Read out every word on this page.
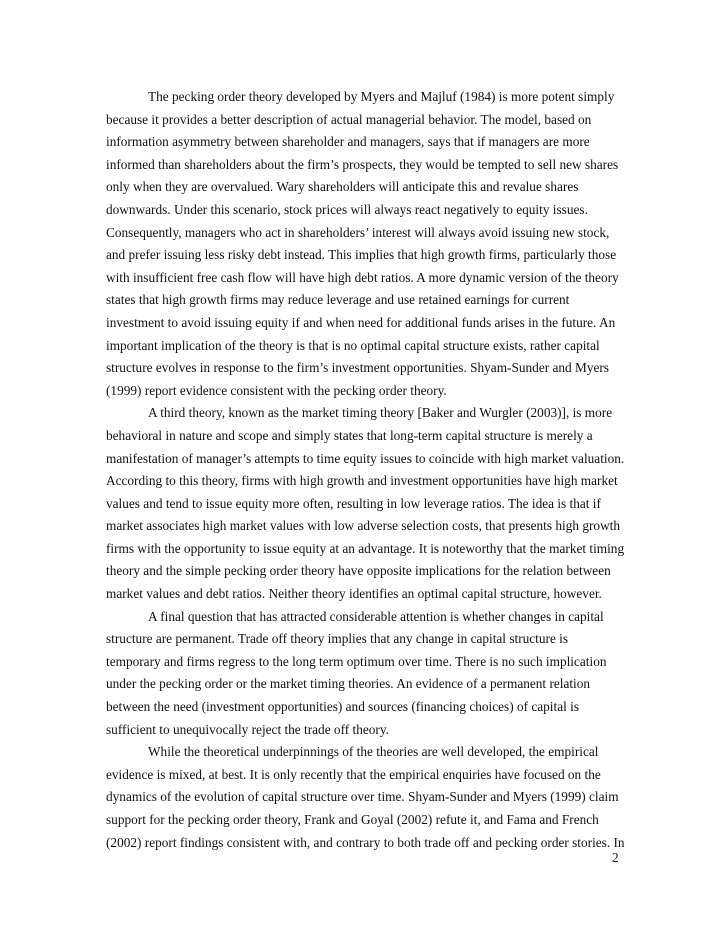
The pecking order theory developed by Myers and Majluf (1984) is more potent simply
because it provides a better description of actual managerial behavior. The model, based on
information asymmetry between shareholder and managers, says that if managers are more
informed than shareholders about the firm’s prospects, they would be tempted to sell new shares
only when they are overvalued. Wary shareholders will anticipate this and revalue shares
downwards. Under this scenario, stock prices will always react negatively to equity issues.
Consequently, managers who act in shareholders’ interest will always avoid issuing new stock,
and prefer issuing less risky debt instead. This implies that high growth firms, particularly those
with insufficient free cash flow will have high debt ratios. A more dynamic version of the theory
states that high growth firms may reduce leverage and use retained earnings for current
investment to avoid issuing equity if and when need for additional funds arises in the future. An
important implication of the theory is that is no optimal capital structure exists, rather capital
structure evolves in response to the firm’s investment opportunities. Shyam-Sunder and Myers
(1999) report evidence consistent with the pecking order theory.
A third theory, known as the market timing theory [Baker and Wurgler (2003)], is more
behavioral in nature and scope and simply states that long-term capital structure is merely a
manifestation of manager’s attempts to time equity issues to coincide with high market valuation.
According to this theory, firms with high growth and investment opportunities have high market
values and tend to issue equity more often, resulting in low leverage ratios. The idea is that if
market associates high market values with low adverse selection costs, that presents high growth
firms with the opportunity to issue equity at an advantage. It is noteworthy that the market timing
theory and the simple pecking order theory have opposite implications for the relation between
market values and debt ratios. Neither theory identifies an optimal capital structure, however.
A final question that has attracted considerable attention is whether changes in capital
structure are permanent. Trade off theory implies that any change in capital structure is
temporary and firms regress to the long term optimum over time. There is no such implication
under the pecking order or the market timing theories. An evidence of a permanent relation
between the need (investment opportunities) and sources (financing choices) of capital is
sufficient to unequivocally reject the trade off theory.
While the theoretical underpinnings of the theories are well developed, the empirical
evidence is mixed, at best. It is only recently that the empirical enquiries have focused on the
dynamics of the evolution of capital structure over time. Shyam-Sunder and Myers (1999) claim
support for the pecking order theory, Frank and Goyal (2002) refute it, and Fama and French
(2002) report findings consistent with, and contrary to both trade off and pecking order stories. In
2
